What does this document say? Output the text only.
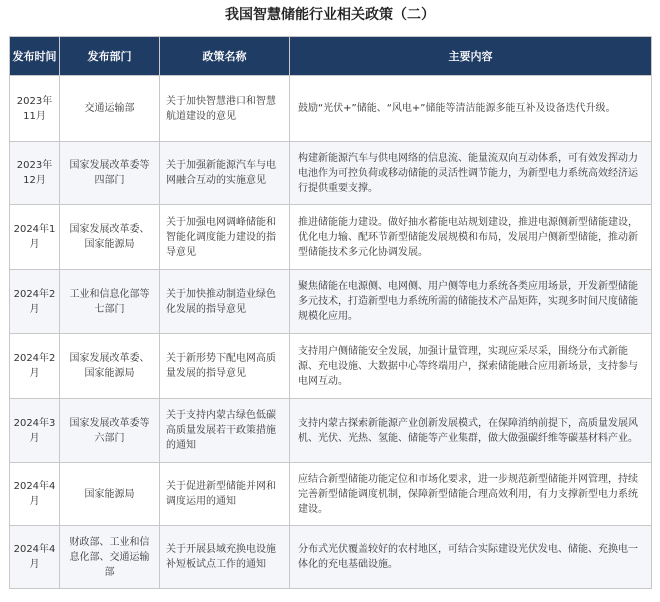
我国智慧储能行业相关政策（二）
发布时间	发布部门	政策名称	主要内容
2023年11月	交通运输部	关于加快智慧港口和智慧航道建设的意见	鼓励“光伏+”储能、“风电+”储能等清洁能源多能互补及设备迭代升级。
2023年12月	国家发展改革委等四部门	关于加强新能源汽车与电网融合互动的实施意见	构建新能源汽车与供电网络的信息流、能量流双向互动体系，可有效发挥动力电池作为可控负荷或移动储能的灵活性调节能力，为新型电力系统高效经济运行提供重要支撑。
2024年1月	国家发展改革委、国家能源局	关于加强电网调峰储能和智能化调度能力建设的指导意见	推进储能能力建设。做好抽水蓄能电站规划建设，推进电源侧新型储能建设，优化电力输、配环节新型储能发展规模和布局，发展用户侧新型储能，推动新型储能技术多元化协调发展。
2024年2月	工业和信息化部等七部门	关于加快推动制造业绿色化发展的指导意见	聚焦储能在电源侧、电网侧、用户侧等电力系统各类应用场景，开发新型储能多元技术，打造新型电力系统所需的储能技术产品矩阵，实现多时间尺度储能规模化应用。
2024年2月	国家发展改革委、国家能源局	关于新形势下配电网高质量发展的指导意见	支持用户侧储能安全发展，加强计量管理，实现应采尽采，围绕分布式新能源、充电设施、大数据中心等终端用户，探索储能融合应用新场景，支持参与电网互动。
2024年3月	国家发展改革委等六部门	关于支持内蒙古绿色低碳高质量发展若干政策措施的通知	支持内蒙古探索新能源产业创新发展模式，在保障消纳前提下，高质量发展风机、光伏、光热、氢能、储能等产业集群，做大做强碳纤维等碳基材料产业。
2024年4月	国家能源局	关于促进新型储能并网和调度运用的通知	应结合新型储能功能定位和市场化要求，进一步规范新型储能并网管理，持续完善新型储能调度机制，保障新型储能合理高效利用，有力支撑新型电力系统建设。
2024年4月	财政部、工业和信息化部、交通运输部	关于开展县域充换电设施补短板试点工作的通知	分布式光伏覆盖较好的农村地区，可结合实际建设光伏发电、储能、充换电一体化的充电基础设施。
